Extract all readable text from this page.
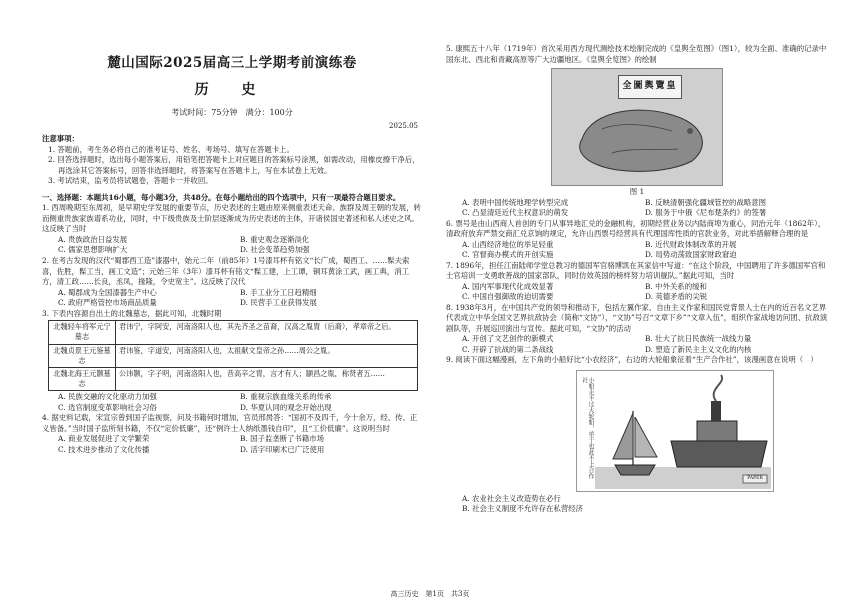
麓山国际2025届高三上学期考前演练卷
历 史
考试时间：75分钟　满分：100分
2025.05
注意事项：

1. 答题前，考生务必将自己的准考证号、姓名、考场号、填写在答题卡上。

2. 回答选择题时，选出每小题答案后，用铅笔把答题卡上对应题目的答案标号涂黑，如需改动，用橡皮擦干净后，再选涂其它答案标号，回答非选择题时，将答案写在答题卡上，写在本试卷上无效。

3. 考试结束，监考员将试题卷，答题卡一并收回。

一、选择题：本题共16小题，每小题3分，共48分。在每小题给出的四个选项中，只有一项最符合题目要求。

1. 西周晚期至东周初，是早期史学发展的重要节点，历史表述的主题由原来侧重表述天命、族群及周王朝的发展，转而侧重贵族家族谱系功业，同时，中下级贵族及士阶层逐渐成为历史表述的主体，开诸侯国史著述和私人述史之风。这反映了当时

A. 贵族政治日益发展	B. 重史观念逐渐淡化
C. 儒家思想影响扩大	D. 社会变革趋势加强

2. 在考古发现的汉代“蜀郡西工造”漆器中，始元二年（前85年）1号漆耳杯有铭文“长广成，蜀西工、……髹夫索喜，佐胜，髹工当，画工文造”；元始三年（3年）漆耳杯有铭文“髹工建，上工谭，铜耳黄涂工武，画工典，消工方，清工政……长良，丞凤，掾隆，令史宽主”。这反映了汉代

A. 蜀郡成为全国漆器生产中心	B. 手工业分工日趋精细
C. 政府严格管控市场商品质量	D. 民营手工业获得发展

3. 下表内容源自出土的北魏墓志，据此可知，北魏时期

北魏轻车将军元宁墓志	君讳宁，字阿安，河南洛阳人也，其先齐圣之苗裔，汉高之胤胄（后裔），孝章帝之后。
北魏贞景王元鉴墓志	君讳鉴，字道安，河南洛阳人也，太祖献文皇帝之孙……周公之胤。
北魏北海王元颢墓志	公讳颢，字子明，河南洛阳人也，昔高辛之胄，言才有人；顓昌之胤，称贤者五……
A. 民族交融的文化驱动力加强	B. 重视宗族血缘关系的传承
C. 选官制度变革影响社会习俗	D. 华夏认同的观念开始出现

4. 据史料记载，宋宣宗曾到国子监视察，问及书籍何时增加，官员邢昺答：“国初不及四千，今十余万，经、传、正义皆备。”当时国子监所刻书籍，不仅“定价低廉”，还“例许士人纳纸墨钱自印”，且“工价低廉”。这说明当时

A. 商业发展促进了文学繁荣	B. 国子监垄断了书籍市场
C. 技术进步推动了文化传播	D. 活字印刷术已广泛使用

5. 康熙五十八年（1719年）首次采用西方现代测绘技术绘制完成的《皇舆全览图》（图1），较为全面、准确的记录中国东北、西北和青藏高原等广大边疆地区。《皇舆全览图》的绘制

全圖輿覽皇
图 1
A. 表明中国传统地理学转型完成	B. 反映清朝强化疆域管控的战略意图
C. 凸显清廷近代主权意识的萌发	D. 服务于中俄《尼布楚条约》的签署

6. 票号是由山西商人首创的专门从事异地汇兑的金融机构，初期经营业务以内陆商埠为重心，同治元年（1862年），清政府放弃严禁交商汇兑京饷的规定，允许山西票号经营具有代理国库性质的官款业务，对此举措解释合理的是

A. 山西经济地位的举足轻重	B. 近代财政体制改革的开展
C. 官督商办模式的开创实施	D. 局势动荡致国家财政窘迫

7. 1896年，担任江南陆师学堂总教习的德国军官骆博凯在其家信中写道：“在这个阶段，中国聘用了许多德国军官和士官培训一支勇敢善战的国家部队，同时仿效英国的榜样努力培训舰队。”据此可知，当时

A. 国内军事现代化成效显著	B. 中外关系的缓和
C. 中国自强御敌的迫切需要	D. 英德矛盾的尖锐

8. 1938年3月，在中国共产党的领导和推动下，包括左翼作家、自由主义作家和国民党背景人士在内的近百名文艺界代表成立中华全国文艺界抗敌协会（简称“文协”），“文协”号召“文章下乡”“文章入伍”，组织作家战地访问团、抗敌演剧队等，开展巡回演出与宣传。据此可知，“文协”的活动

A. 开创了文艺创作的新模式	B. 壮大了抗日民族统一战线力量
C. 开辟了抗战的第二条战线	D. 塑造了新民主主义文化的内核

9. 阅读下面这幅漫画，左下角的小船好比“小农经济”，右边的大轮船象征着“生产合作社”，该漫画意在说明（　）

小船走不过大轮船，单干也赶不上合作社
PAPER

A. 农业社会主义改造势在必行

B. 社会主义制度不允许存在私营经济

高三历史　第1页　共3页
